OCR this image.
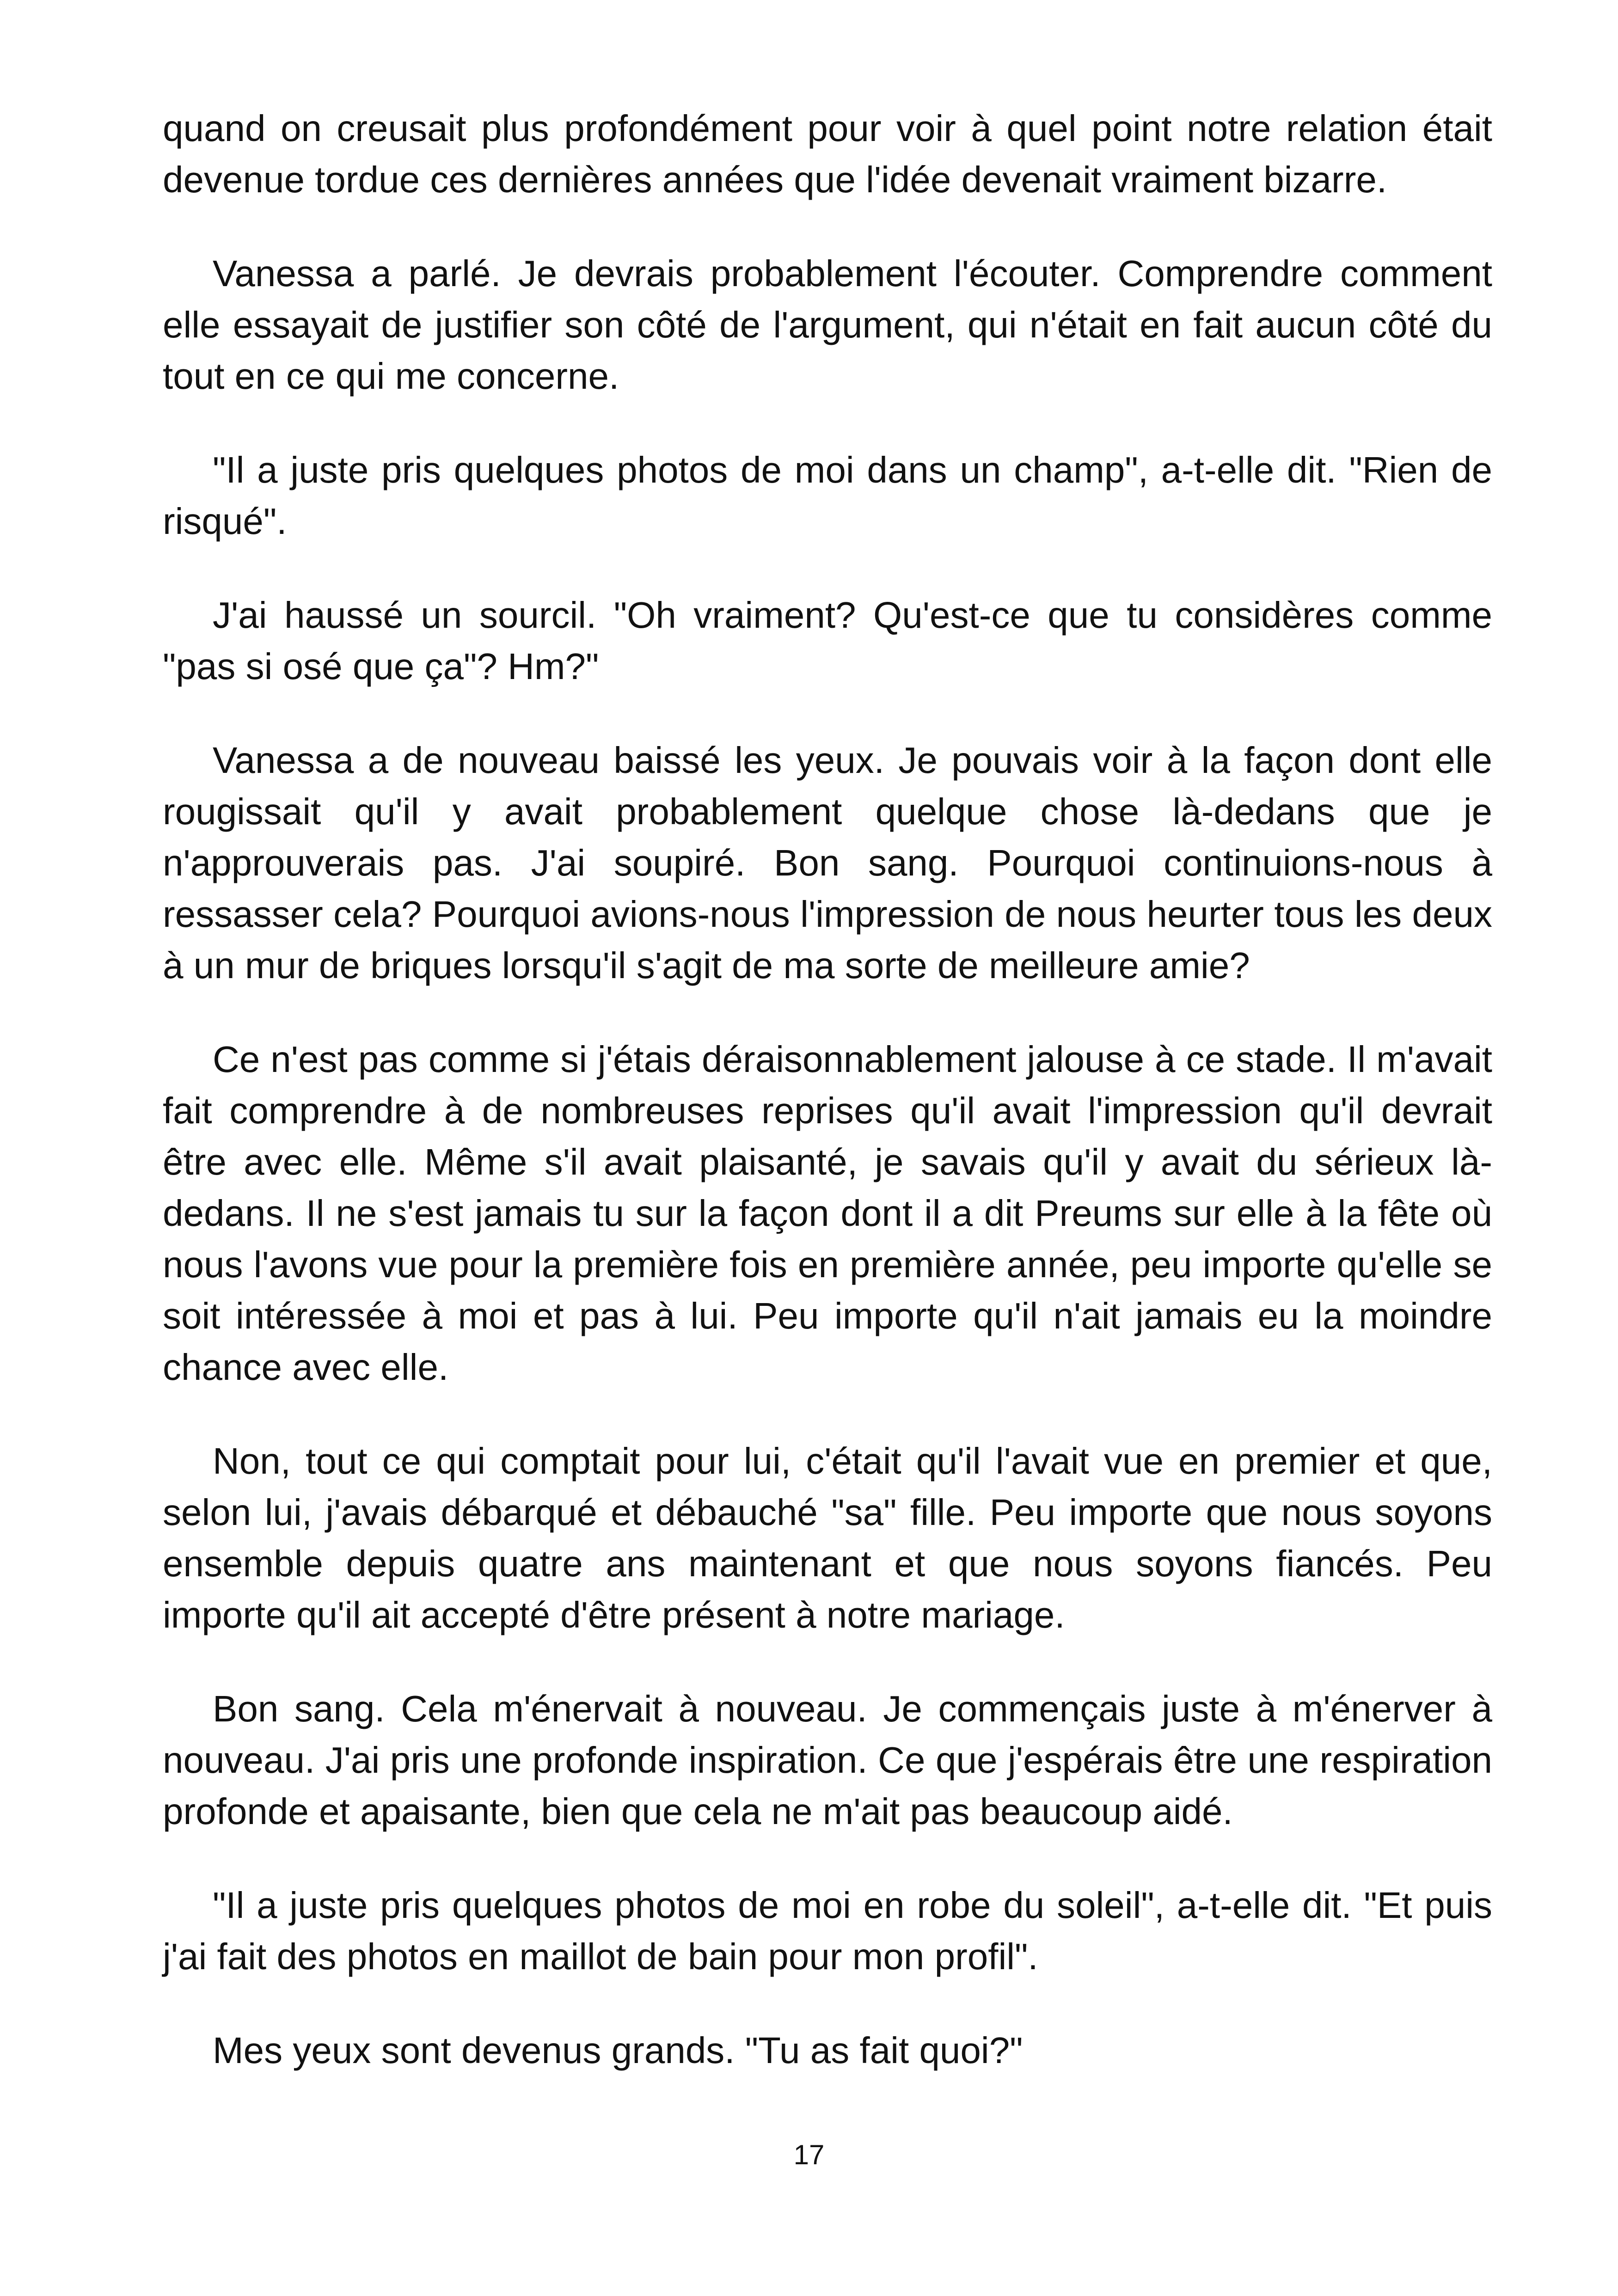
quand on creusait plus profondément pour voir à quel point notre relation était devenue tordue ces dernières années que l'idée devenait vraiment bizarre.

Vanessa a parlé. Je devrais probablement l'écouter. Comprendre comment elle essayait de justifier son côté de l'argument, qui n'était en fait aucun côté du tout en ce qui me concerne.

"Il a juste pris quelques photos de moi dans un champ", a-t-elle dit. "Rien de risqué".

J'ai haussé un sourcil. "Oh vraiment? Qu'est-ce que tu considères comme "pas si osé que ça"? Hm?"

Vanessa a de nouveau baissé les yeux. Je pouvais voir à la façon dont elle rougissait qu'il y avait probablement quelque chose là-dedans que je n'approuverais pas. J'ai soupiré. Bon sang. Pourquoi continuions-nous à ressasser cela? Pourquoi avions-nous l'impression de nous heurter tous les deux à un mur de briques lorsqu'il s'agit de ma sorte de meilleure amie?

Ce n'est pas comme si j'étais déraisonnablement jalouse à ce stade. Il m'avait fait comprendre à de nombreuses reprises qu'il avait l'impression qu'il devrait être avec elle. Même s'il avait plaisanté, je savais qu'il y avait du sérieux là-dedans. Il ne s'est jamais tu sur la façon dont il a dit Preums sur elle à la fête où nous l'avons vue pour la première fois en première année, peu importe qu'elle se soit intéressée à moi et pas à lui. Peu importe qu'il n'ait jamais eu la moindre chance avec elle.

Non, tout ce qui comptait pour lui, c'était qu'il l'avait vue en premier et que, selon lui, j'avais débarqué et débauché "sa" fille. Peu importe que nous soyons ensemble depuis quatre ans maintenant et que nous soyons fiancés. Peu importe qu'il ait accepté d'être présent à notre mariage.

Bon sang. Cela m'énervait à nouveau. Je commençais juste à m'énerver à nouveau. J'ai pris une profonde inspiration. Ce que j'espérais être une respiration profonde et apaisante, bien que cela ne m'ait pas beaucoup aidé.

"Il a juste pris quelques photos de moi en robe du soleil", a-t-elle dit. "Et puis j'ai fait des photos en maillot de bain pour mon profil".

Mes yeux sont devenus grands. "Tu as fait quoi?"

17
